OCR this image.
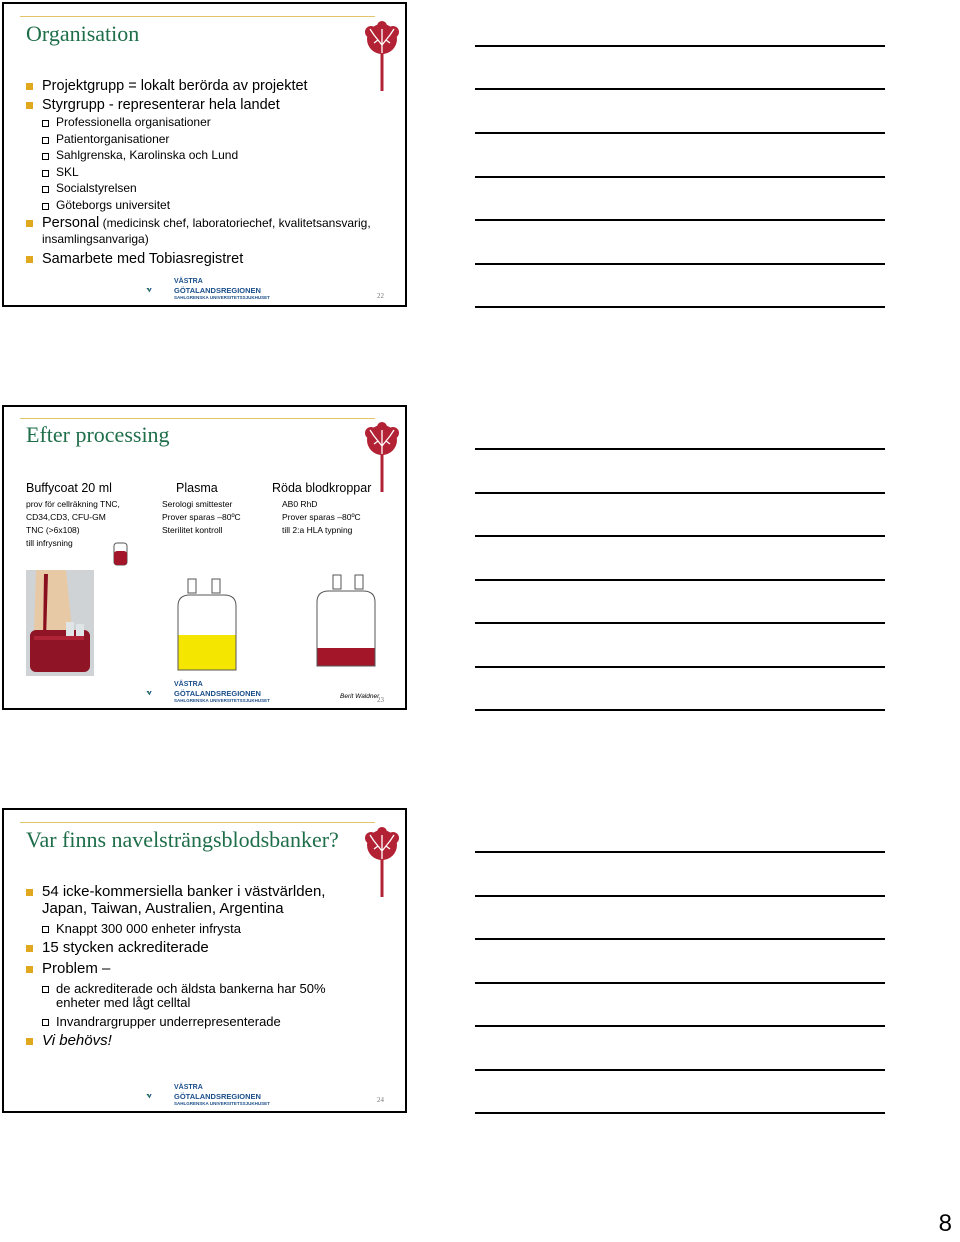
Organisation
Projektgrupp = lokalt berörda av projektet
Styrgrupp - representerar hela landet
Professionella organisationer
Patientorganisationer
Sahlgrenska, Karolinska och Lund
SKL
Socialstyrelsen
Göteborgs universitet
Personal (medicinsk chef, laboratoriechef, kvalitetsansvarig, insamlingsanvariga)
Samarbete med Tobiasregistret
VÄSTRA
GÖTALANDSREGIONEN
SAHLGRENSKA UNIVERSITETSSJUKHUSET	22
Efter processing
Buffycoat 20 ml	Plasma	Röda blodkroppar
prov för cellräkning TNC,
CD34,CD3, CFU-GM
TNC (>6x108)
till infrysning
Serologi smittester
Prover sparas –80ºC
Sterilitet kontroll
AB0 RhD
Prover sparas –80ºC
till 2:a HLA typning
VÄSTRA
GÖTALANDSREGIONEN
SAHLGRENSKA UNIVERSITETSSJUKHUSET
Berit Waldner
23
Var finns navelsträngsblodsbanker?
54 icke-kommersiella banker i västvärlden, Japan, Taiwan, Australien, Argentina
Knappt 300 000 enheter infrysta
15 stycken ackrediterade
Problem –
de ackrediterade och äldsta bankerna har 50% enheter med lågt celltal
Invandrargrupper underrepresenterade
Vi behövs!
VÄSTRA
GÖTALANDSREGIONEN
SAHLGRENSKA UNIVERSITETSSJUKHUSET	24
8
